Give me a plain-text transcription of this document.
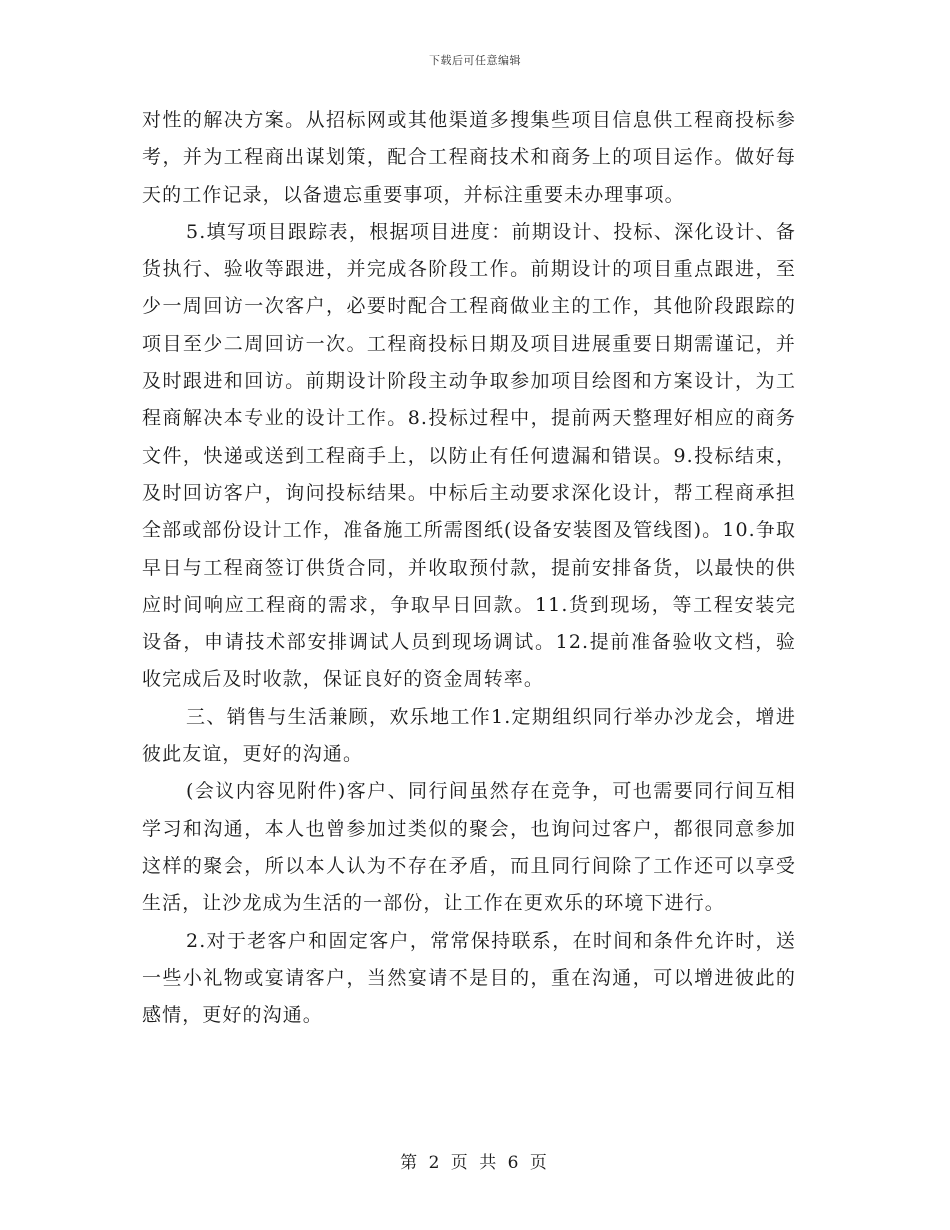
下载后可任意编辑

对性的解决方案。从招标网或其他渠道多搜集些项目信息供工程商投标参考，并为工程商出谋划策，配合工程商技术和商务上的项目运作。做好每天的工作记录，以备遗忘重要事项，并标注重要未办理事项。

5.填写项目跟踪表，根据项目进度：前期设计、投标、深化设计、备货执行、验收等跟进，并完成各阶段工作。前期设计的项目重点跟进，至少一周回访一次客户，必要时配合工程商做业主的工作，其他阶段跟踪的项目至少二周回访一次。工程商投标日期及项目进展重要日期需谨记，并及时跟进和回访。前期设计阶段主动争取参加项目绘图和方案设计，为工程商解决本专业的设计工作。8.投标过程中，提前两天整理好相应的商务文件，快递或送到工程商手上，以防止有任何遗漏和错误。9.投标结束，及时回访客户，询问投标结果。中标后主动要求深化设计，帮工程商承担全部或部份设计工作，准备施工所需图纸(设备安装图及管线图)。10.争取早日与工程商签订供货合同，并收取预付款，提前安排备货，以最快的供应时间响应工程商的需求，争取早日回款。11.货到现场，等工程安装完设备，申请技术部安排调试人员到现场调试。12.提前准备验收文档，验收完成后及时收款，保证良好的资金周转率。

三、销售与生活兼顾，欢乐地工作1.定期组织同行举办沙龙会，增进彼此友谊，更好的沟通。

(会议内容见附件)客户、同行间虽然存在竞争，可也需要同行间互相学习和沟通，本人也曾参加过类似的聚会，也询问过客户，都很同意参加这样的聚会，所以本人认为不存在矛盾，而且同行间除了工作还可以享受生活，让沙龙成为生活的一部份，让工作在更欢乐的环境下进行。

2.对于老客户和固定客户，常常保持联系，在时间和条件允许时，送一些小礼物或宴请客户，当然宴请不是目的，重在沟通，可以增进彼此的感情，更好的沟通。

第 2 页 共 6 页
